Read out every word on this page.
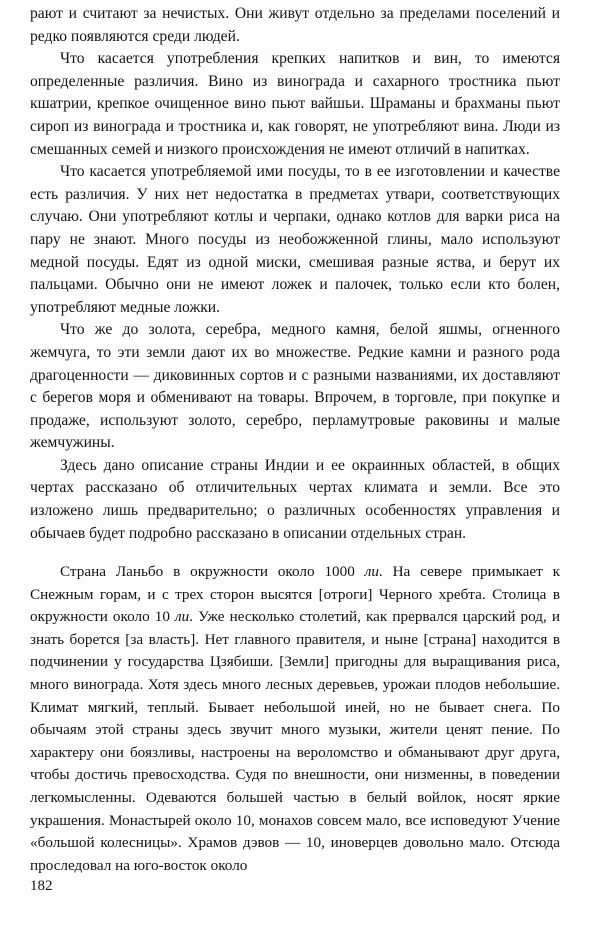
рают и считают за нечистых. Они живут отдельно за пределами поселений и редко появляются среди людей.

Что касается употребления крепких напитков и вин, то имеются определенные различия. Вино из винограда и сахарного тростника пьют кшатрии, крепкое очищенное вино пьют вайшьи. Шраманы и брахманы пьют сироп из винограда и тростника и, как говорят, не употребляют вина. Люди из смешанных семей и низкого происхождения не имеют отличий в напитках.

Что касается употребляемой ими посуды, то в ее изготовлении и качестве есть различия. У них нет недостатка в предметах утвари, соответствующих случаю. Они употребляют котлы и черпаки, однако котлов для варки риса на пару не знают. Много посуды из необожженной глины, мало используют медной посуды. Едят из одной миски, смешивая разные яства, и берут их пальцами. Обычно они не имеют ложек и палочек, только если кто болен, употребляют медные ложки.

Что же до золота, серебра, медного камня, белой яшмы, огненного жемчуга, то эти земли дают их во множестве. Редкие камни и разного рода драгоценности — диковинных сортов и с разными названиями, их доставляют с берегов моря и обменивают на товары. Впрочем, в торговле, при покупке и продаже, используют золото, серебро, перламутровые раковины и малые жемчужины.

Здесь дано описание страны Индии и ее окраинных областей, в общих чертах рассказано об отличительных чертах климата и земли. Все это изложено лишь предварительно; о различных особенностях управления и обычаев будет подробно рассказано в описании отдельных стран.

Страна Ланьбо в окружности около 1000 ли. На севере примыкает к Снежным горам, и с трех сторон высятся [отроги] Черного хребта. Столица в окружности около 10 ли. Уже несколько столетий, как прервался царский род, и знать борется [за власть]. Нет главного правителя, и ныне [страна] находится в подчинении у государства Цзябиши. [Земли] пригодны для выращивания риса, много винограда. Хотя здесь много лесных деревьев, урожаи плодов небольшие. Климат мягкий, теплый. Бывает небольшой иней, но не бывает снега. По обычаям этой страны здесь звучит много музыки, жители ценят пение. По характеру они боязливы, настроены на вероломство и обманывают друг друга, чтобы достичь превосходства. Судя по внешности, они низменны, в поведении легкомысленны. Одеваются большей частью в белый войлок, носят яркие украшения. Монастырей около 10, монахов совсем мало, все исповедуют Учение «большой колесницы». Храмов дэвов — 10, иноверцев довольно мало. Отсюда проследовал на юго-восток около

182
